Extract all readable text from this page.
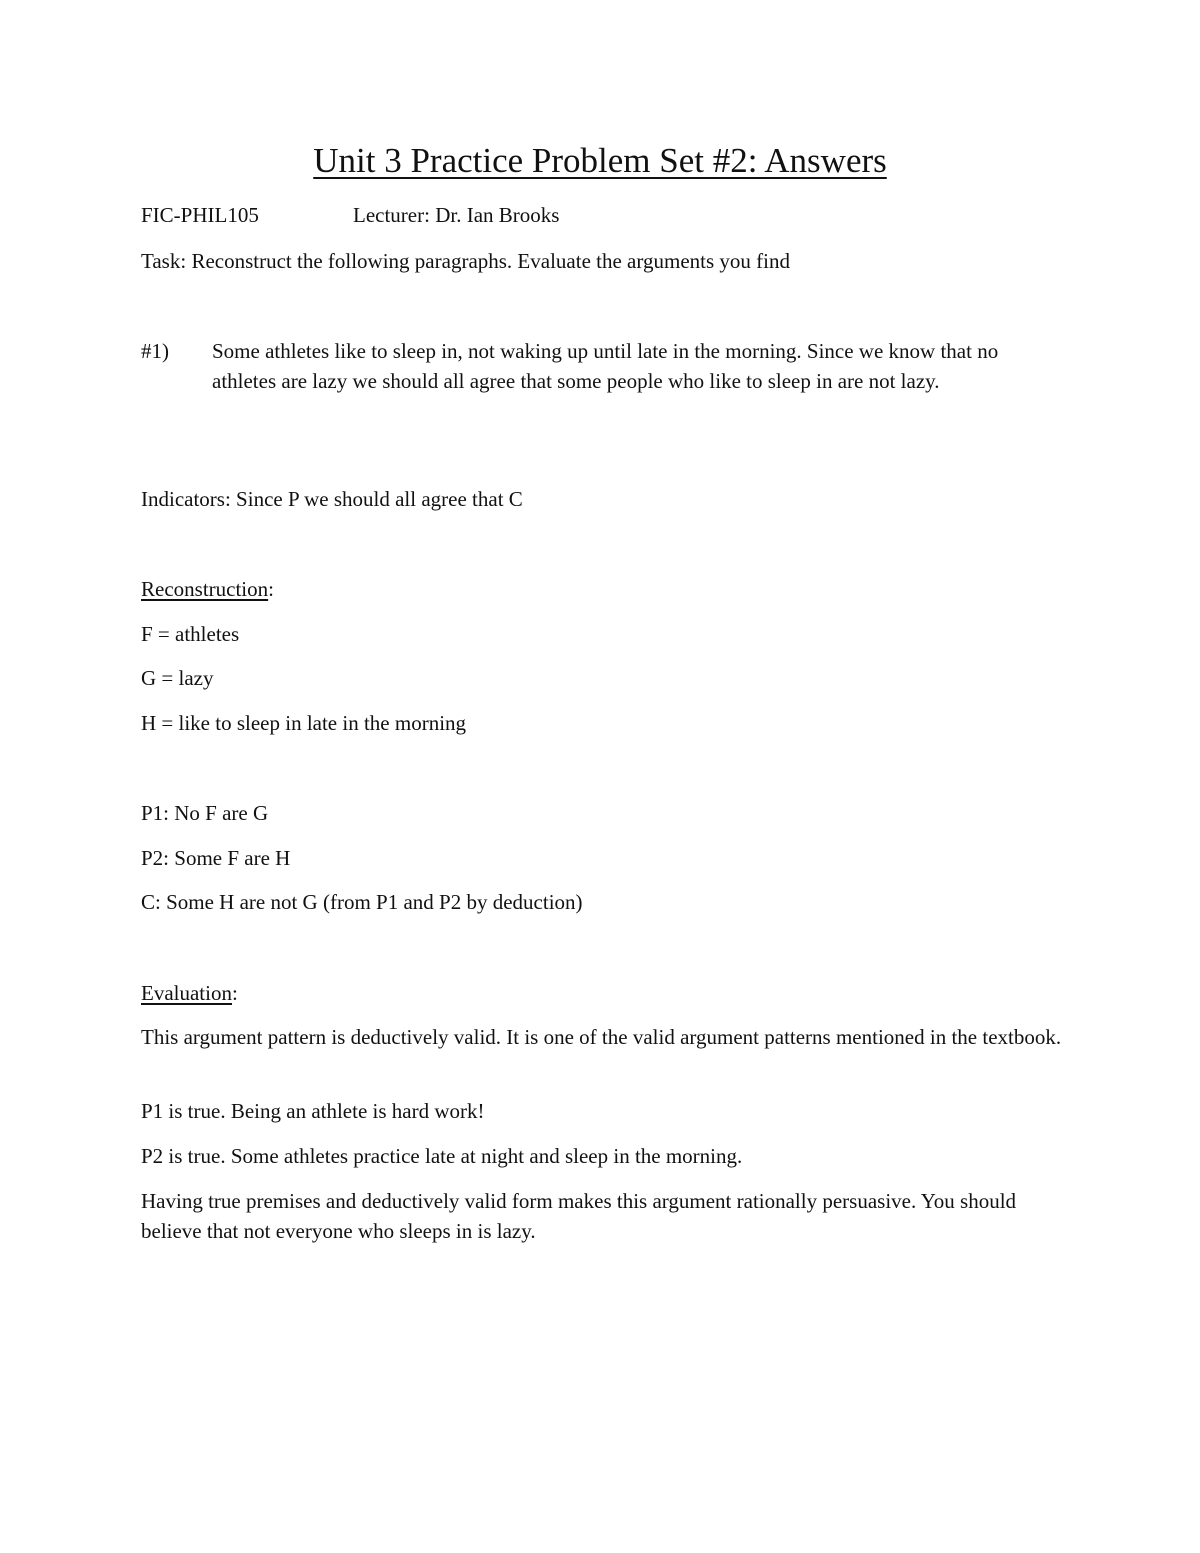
Unit 3 Practice Problem Set #2: Answers
FIC-PHIL105	Lecturer: Dr. Ian Brooks
Task: Reconstruct the following paragraphs. Evaluate the arguments you find
#1) Some athletes like to sleep in, not waking up until late in the morning. Since we know that no athletes are lazy we should all agree that some people who like to sleep in are not lazy.
Indicators: Since P we should all agree that C
Reconstruction:
F = athletes
G = lazy
H = like to sleep in late in the morning
P1: No F are G
P2: Some F are H
C: Some H are not G (from P1 and P2 by deduction)
Evaluation:
This argument pattern is deductively valid. It is one of the valid argument patterns mentioned in the textbook.
P1 is true. Being an athlete is hard work!
P2 is true. Some athletes practice late at night and sleep in the morning.
Having true premises and deductively valid form makes this argument rationally persuasive. You should believe that not everyone who sleeps in is lazy.
